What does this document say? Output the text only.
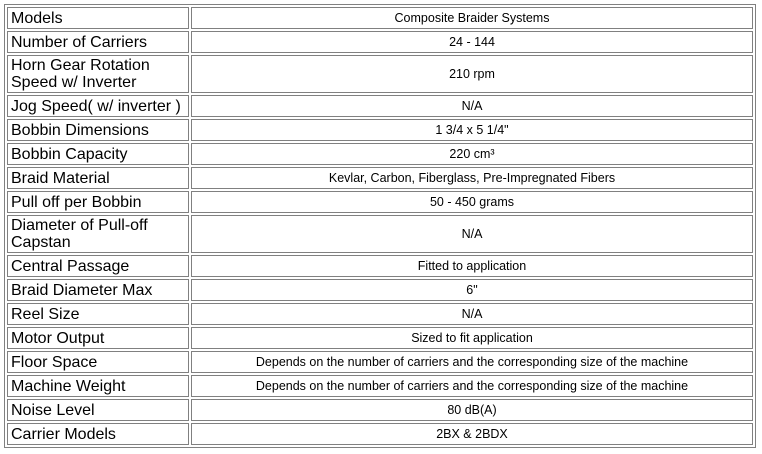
Models	Composite Braider Systems
Number of Carriers	24 - 144
Horn Gear Rotation Speed w/ Inverter	210 rpm
Jog Speed( w/ inverter )	N/A
Bobbin Dimensions	1 3/4 x 5 1/4"
Bobbin Capacity	220 cm³
Braid Material	Kevlar, Carbon, Fiberglass, Pre-Impregnated Fibers
Pull off per Bobbin	50 - 450 grams
Diameter of Pull-off Capstan	N/A
Central Passage	Fitted to application
Braid Diameter Max	6"
Reel Size	N/A
Motor Output	Sized to fit application
Floor Space	Depends on the number of carriers and the corresponding size of the machine
Machine Weight	Depends on the number of carriers and the corresponding size of the machine
Noise Level	80 dB(A)
Carrier Models	2BX & 2BDX
